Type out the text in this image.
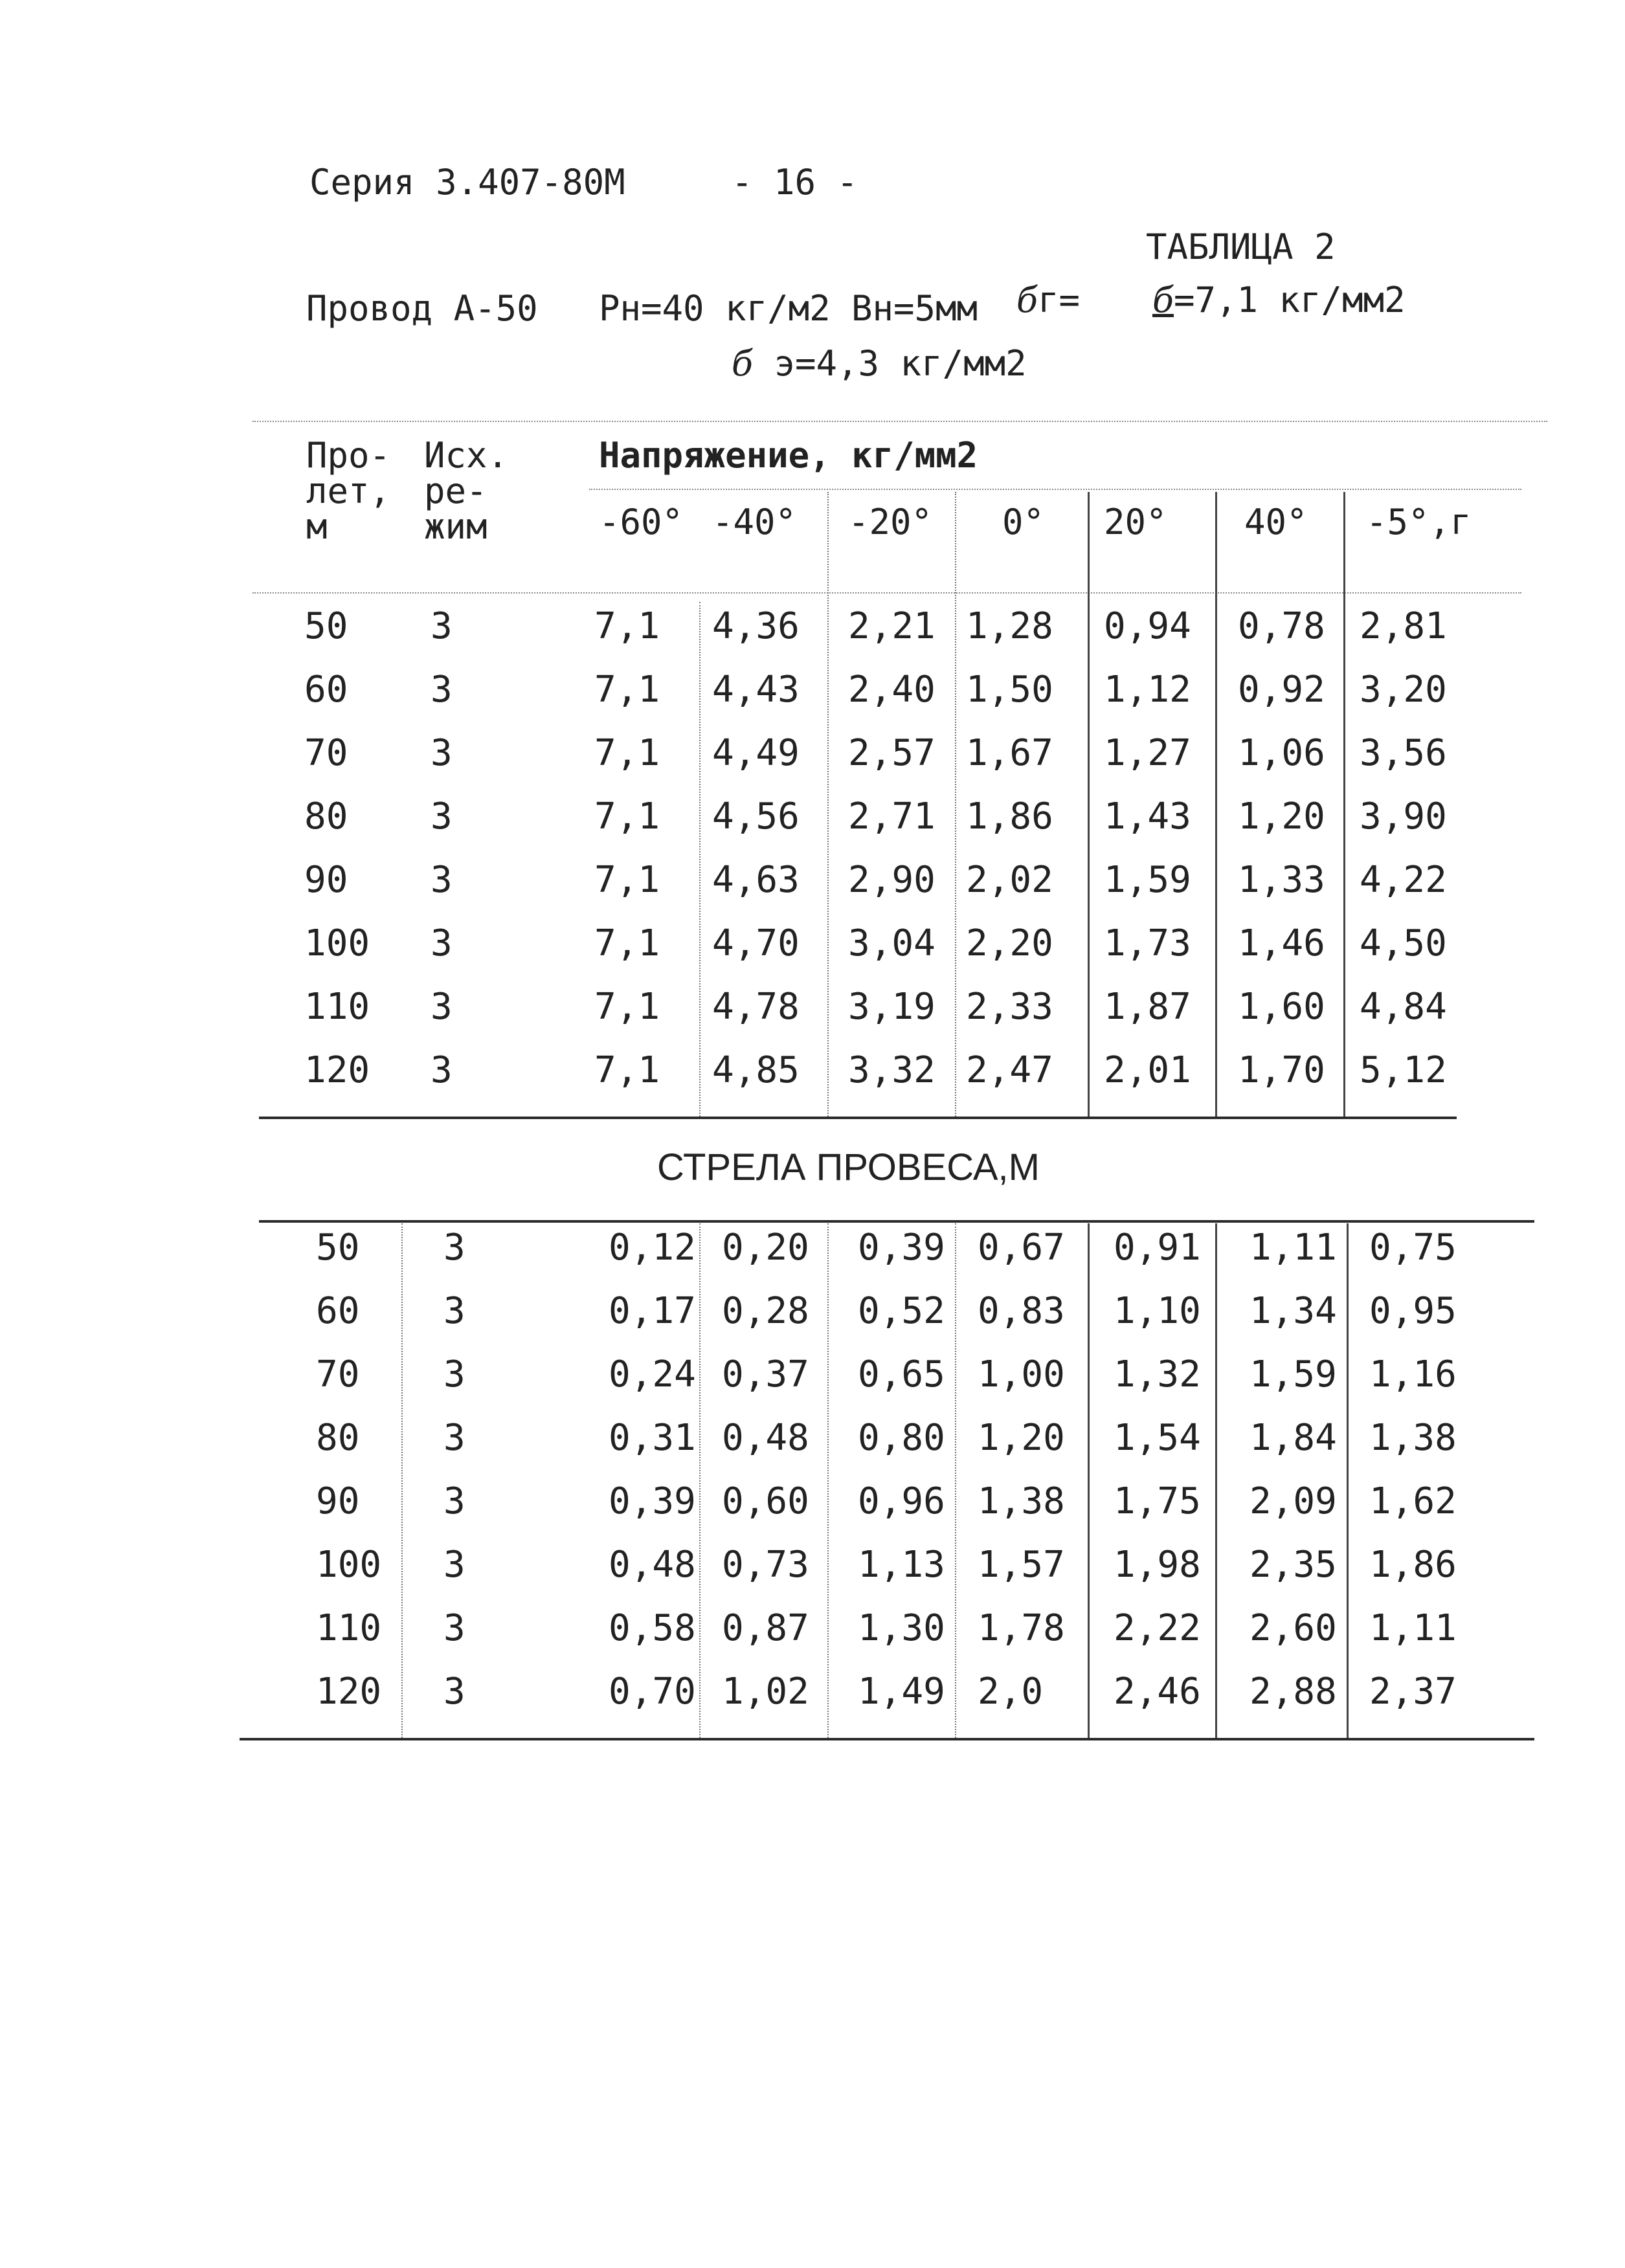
Серия 3.407-80М	- 16 -
ТАБЛИЦА 2
Провод А-50 Рн=40 кг/м2 Вн=5мм бг= б=7,1 кг/мм2
б э=4,3 кг/мм2
Про-
лет,
м
Исх.
ре-
жим
Напряжение, кг/мм2
-60° -40° -20° 0° 20° 40° -5°,г
50 3	7,1 4,36 2,21 1,28 0,94 0,78 2,81
60 3	7,1 4,43 2,40 1,50 1,12 0,92 3,20
70 3	7,1 4,49 2,57 1,67 1,27 1,06 3,56
80 3	7,1 4,56 2,71 1,86 1,43 1,20 3,90
90 3	7,1 4,63 2,90 2,02 1,59 1,33 4,22
100 3	7,1 4,70 3,04 2,20 1,73 1,46 4,50
110 3	7,1 4,78 3,19 2,33 1,87 1,60 4,84
120 3	7,1 4,85 3,32 2,47 2,01 1,70 5,12
СТРЕЛА ПРОВЕСА,М
50 3	0,12 0,20 0,39 0,67 0,91 1,11 0,75
60 3	0,17 0,28 0,52 0,83 1,10 1,34 0,95
70 3	0,24 0,37 0,65 1,00 1,32 1,59 1,16
80 3	0,31 0,48 0,80 1,20 1,54 1,84 1,38
90 3	0,39 0,60 0,96 1,38 1,75 2,09 1,62
100 3	0,48 0,73 1,13 1,57 1,98 2,35 1,86
110 3	0,58 0,87 1,30 1,78 2,22 2,60 1,11
120 3	0,70 1,02 1,49 2,0 2,46 2,88 2,37
